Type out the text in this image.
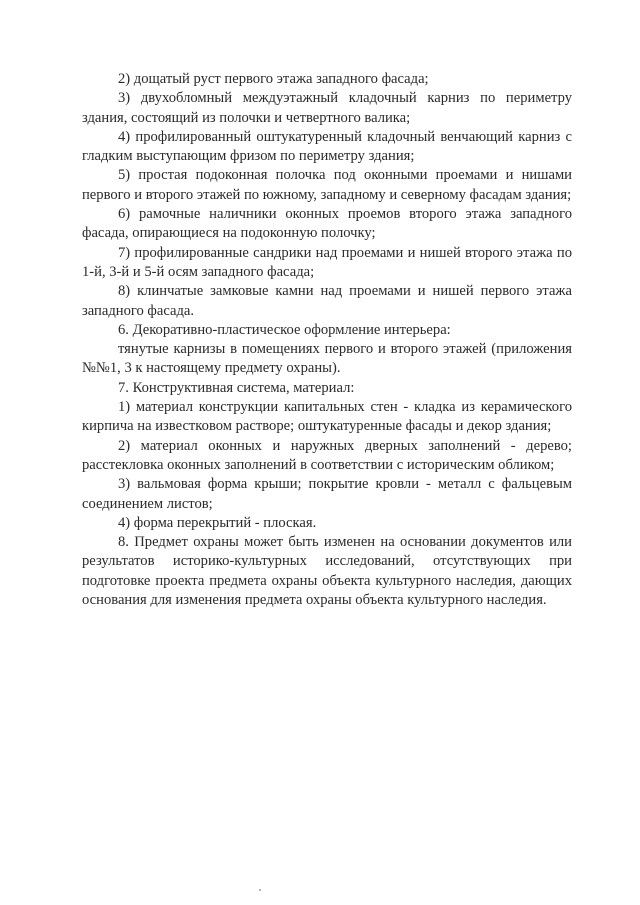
2) дощатый руст первого этажа западного фасада;

3) двухобломный междуэтажный кладочный карниз по периметру здания, состоящий из полочки и четвертного валика;

4) профилированный оштукатуренный кладочный венчающий карниз с гладким выступающим фризом по периметру здания;

5) простая подоконная полочка под оконными проемами и нишами первого и второго этажей по южному, западному и северному фасадам здания;

6) рамочные наличники оконных проемов второго этажа западного фасада, опирающиеся на подоконную полочку;

7) профилированные сандрики над проемами и нишей второго этажа по 1-й, 3-й и 5-й осям западного фасада;

8) клинчатые замковые камни над проемами и нишей первого этажа западного фасада.

6. Декоративно-пластическое оформление интерьера:

тянутые карнизы в помещениях первого и второго этажей (приложения №№1, 3 к настоящему предмету охраны).

7. Конструктивная система, материал:

1) материал конструкции капитальных стен - кладка из керамического кирпича на известковом растворе; оштукатуренные фасады и декор здания;

2) материал оконных и наружных дверных заполнений - дерево; расстекловка оконных заполнений в соответствии с историческим обликом;

3) вальмовая форма крыши; покрытие кровли - металл с фальцевым соединением листов;

4) форма перекрытий - плоская.

8. Предмет охраны может быть изменен на основании документов или результатов историко-культурных исследований, отсутствующих при подготовке проекта предмета охраны объекта культурного наследия, дающих основания для изменения предмета охраны объекта культурного наследия.
